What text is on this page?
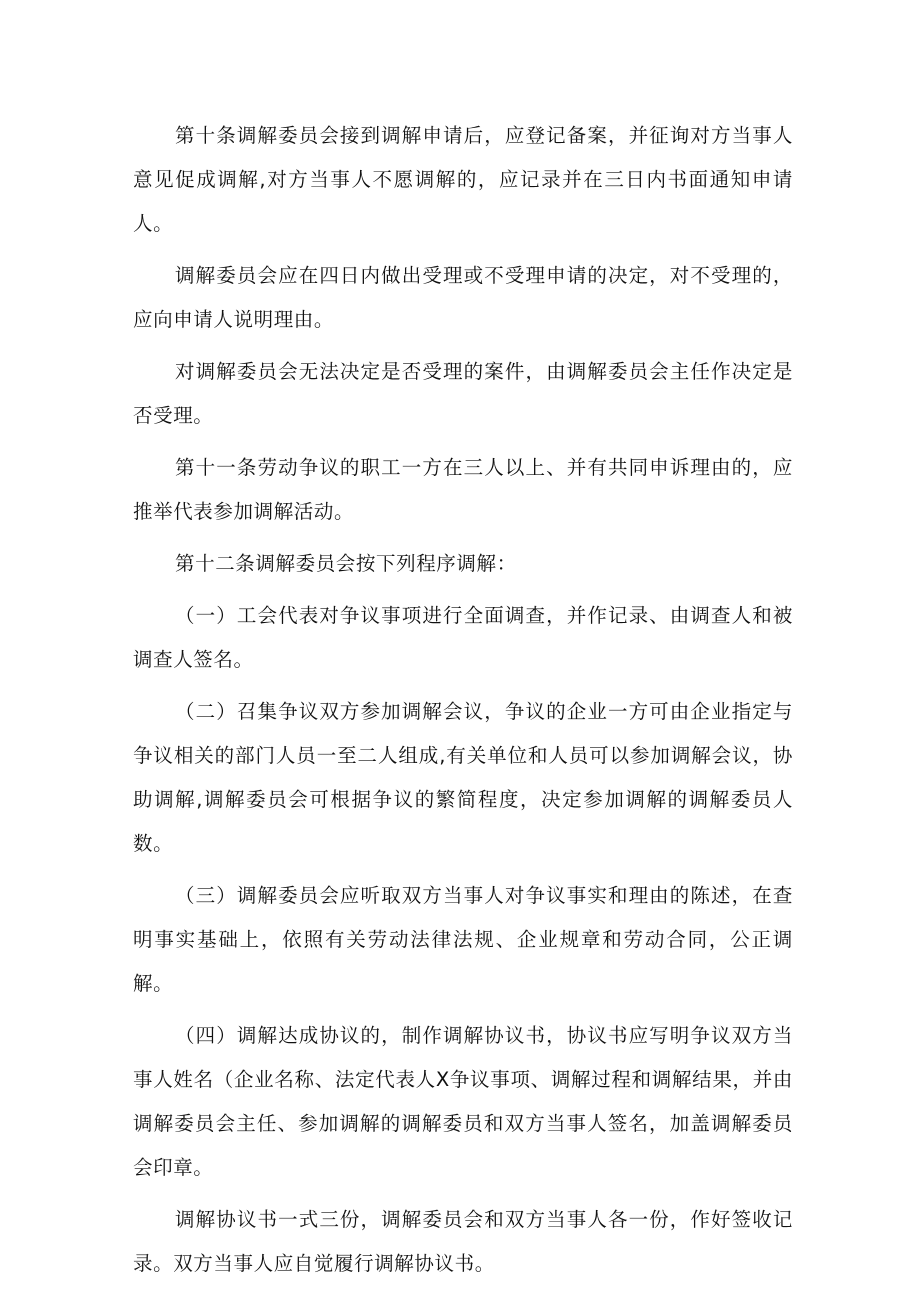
第十条调解委员会接到调解申请后，应登记备案，并征询对方当事人意见促成调解,对方当事人不愿调解的，应记录并在三日内书面通知申请人。

调解委员会应在四日内做出受理或不受理申请的决定，对不受理的，应向申请人说明理由。

对调解委员会无法决定是否受理的案件，由调解委员会主任作决定是否受理。

第十一条劳动争议的职工一方在三人以上、并有共同申诉理由的，应推举代表参加调解活动。

第十二条调解委员会按下列程序调解：

（一）工会代表对争议事项进行全面调查，并作记录、由调查人和被调查人签名。

（二）召集争议双方参加调解会议，争议的企业一方可由企业指定与争议相关的部门人员一至二人组成,有关单位和人员可以参加调解会议，协助调解,调解委员会可根据争议的繁简程度，决定参加调解的调解委员人数。

（三）调解委员会应听取双方当事人对争议事实和理由的陈述，在查明事实基础上，依照有关劳动法律法规、企业规章和劳动合同，公正调解。

（四）调解达成协议的，制作调解协议书，协议书应写明争议双方当事人姓名（企业名称、法定代表人X争议事项、调解过程和调解结果，并由调解委员会主任、参加调解的调解委员和双方当事人签名，加盖调解委员会印章。

调解协议书一式三份，调解委员会和双方当事人各一份，作好签收记录。双方当事人应自觉履行调解协议书。
